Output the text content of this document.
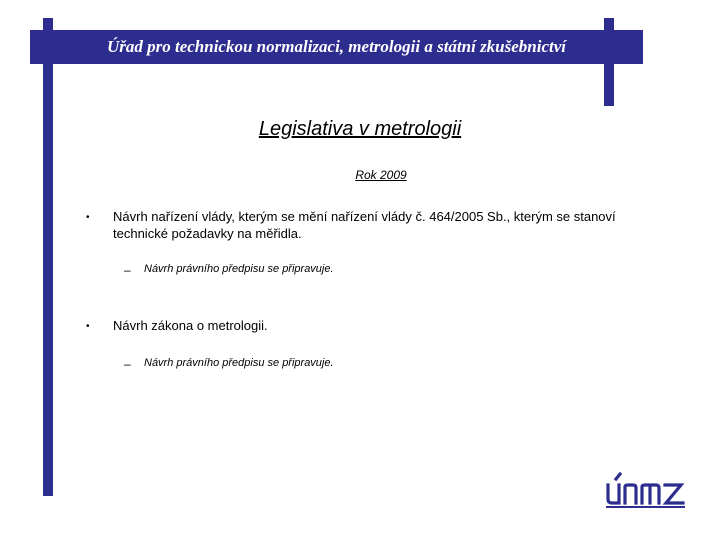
Úřad pro technickou normalizaci, metrologii a státní zkušebnictví
Legislativa v metrologii
Rok 2009
• Návrh nařízení vlády, kterým se mění nařízení vlády č. 464/2005 Sb., kterým se stanoví technické požadavky na měřidla.
– Návrh právního předpisu se připravuje.
• Návrh zákona o metrologii.
– Návrh právního předpisu se připravuje.
